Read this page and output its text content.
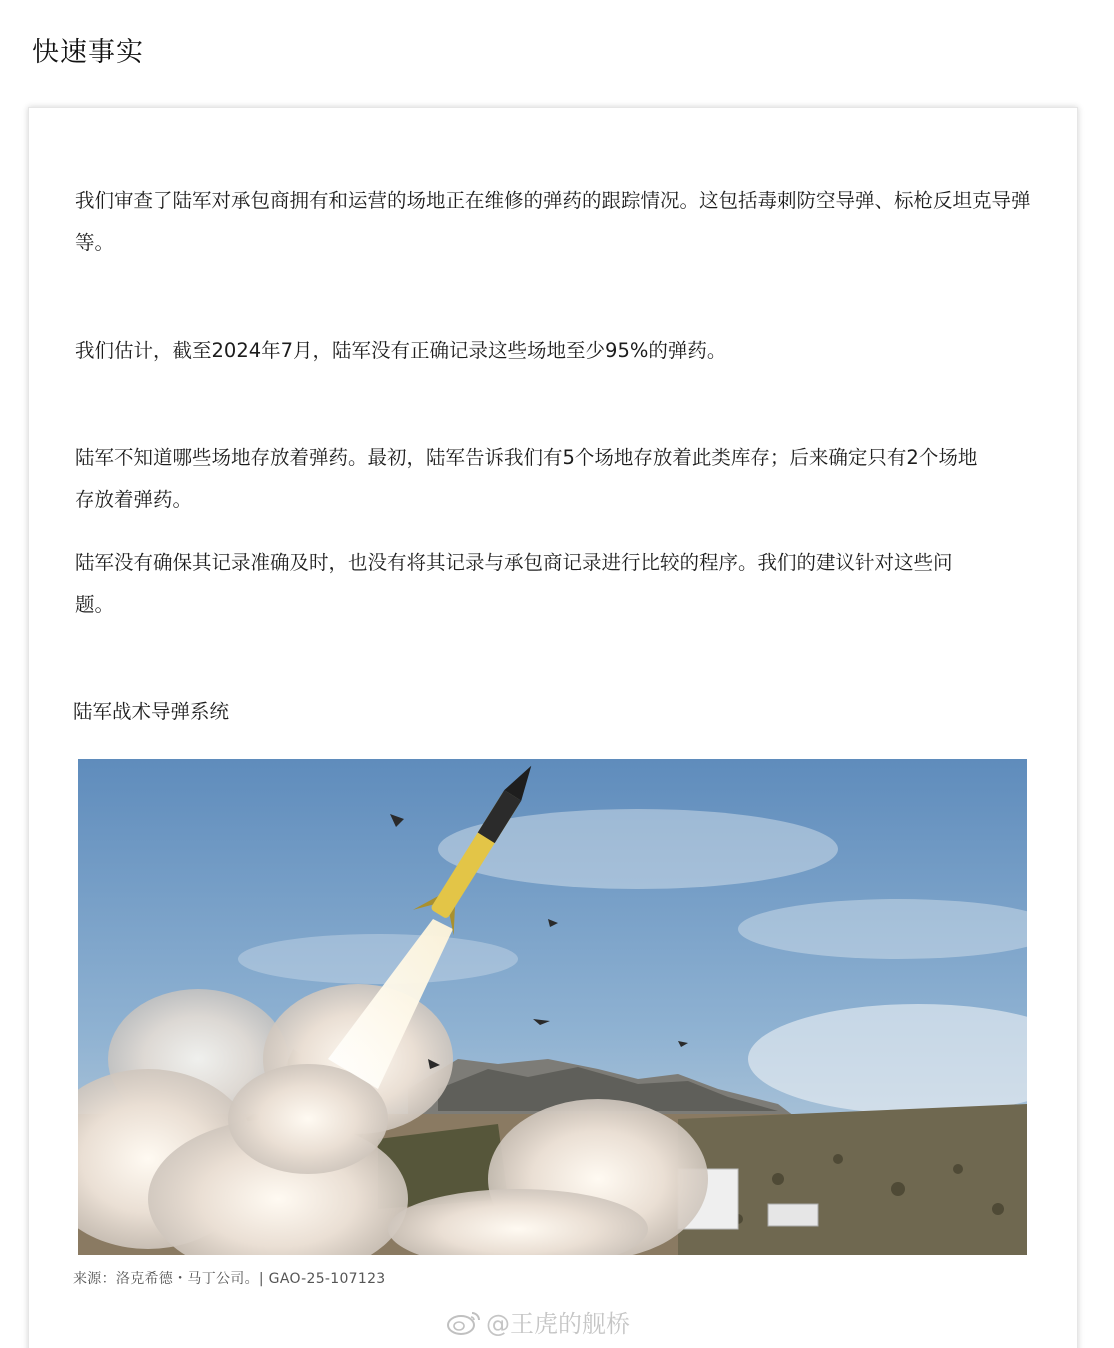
快速事实

我们审查了陆军对承包商拥有和运营的场地正在维修的弹药的跟踪情况。这包括毒刺防空导弹、标枪反坦克导弹等。

我们估计，截至2024年7月，陆军没有正确记录这些场地至少95%的弹药。

陆军不知道哪些场地存放着弹药。最初，陆军告诉我们有5个场地存放着此类库存；后来确定只有2个场地存放着弹药。

陆军没有确保其记录准确及时，也没有将其记录与承包商记录进行比较的程序。我们的建议针对这些问题。

陆军战术导弹系统

来源：洛克希德・马丁公司。| GAO-25-107123

@王虎的舰桥
